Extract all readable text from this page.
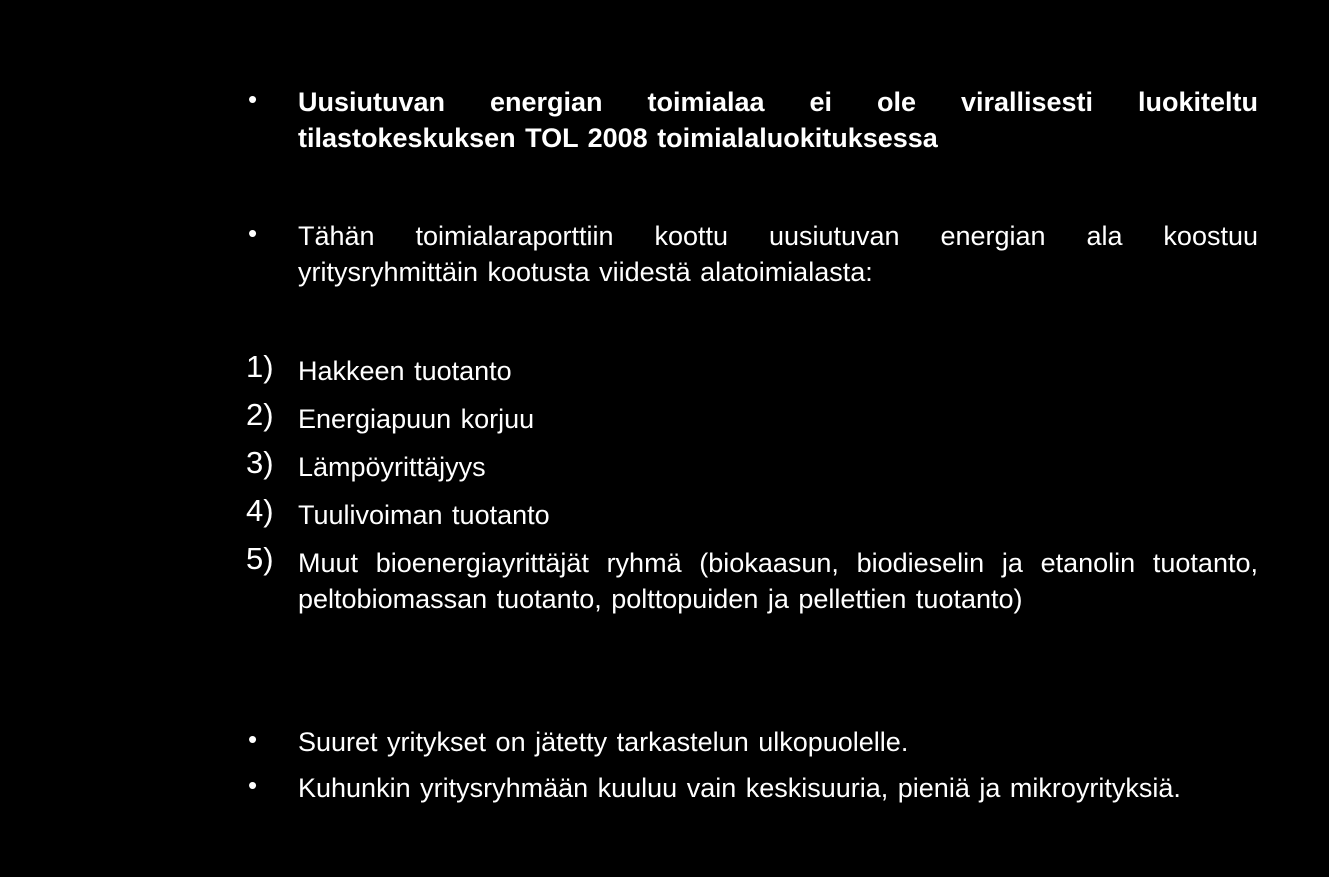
•	Uusiutuvan energian toimialaa ei ole virallisesti luokiteltu tilastokeskuksen TOL 2008 toimialaluokituksessa
•	Tähän toimialaraporttiin koottu uusiutuvan energian ala koostuu yritysryhmittäin kootusta viidestä alatoimialasta:
1) Hakkeen tuotanto
2) Energiapuun korjuu
3) Lämpöyrittäjyys
4) Tuulivoiman tuotanto
5) Muut bioenergiayrittäjät ryhmä (biokaasun, biodieselin ja etanolin tuotanto, peltobiomassan tuotanto, polttopuiden ja pellettien tuotanto)
•	Suuret yritykset on jätetty tarkastelun ulkopuolelle.
•	Kuhunkin yritysryhmään kuuluu vain keskisuuria, pieniä ja mikroyrityksiä.
